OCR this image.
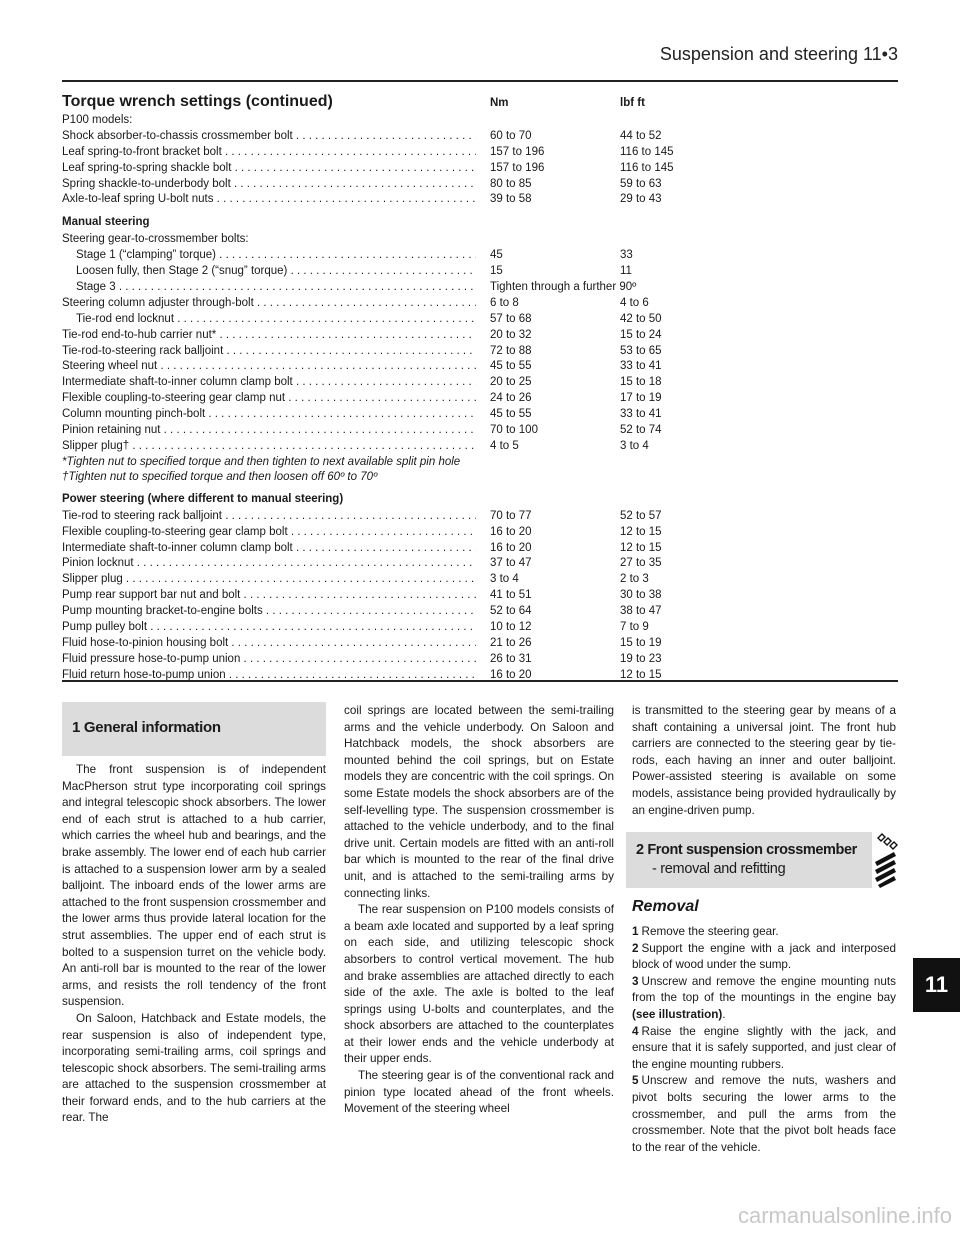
Suspension and steering 11•3
Torque wrench settings (continued)	Nm	lbf ft
P100 models:
Shock absorber-to-chassis crossmember bolt . . .	60 to 70	44 to 52
Leaf spring-to-front bracket bolt . . .	157 to 196	116 to 145
Leaf spring-to-spring shackle bolt . . .	157 to 196	116 to 145
Spring shackle-to-underbody bolt . . .	80 to 85	59 to 63
Axle-to-leaf spring U-bolt nuts . . .	39 to 58	29 to 43
Manual steering
Steering gear-to-crossmember bolts:
Stage 1 (“clamping” torque) . . .	45	33
Loosen fully, then Stage 2 (“snug” torque) . . .	15	11
Stage 3 . . .	Tighten through a further 90º
Steering column adjuster through-bolt . . .	6 to 8	4 to 6
Tie-rod end locknut . . .	57 to 68	42 to 50
Tie-rod end-to-hub carrier nut* . . .	20 to 32	15 to 24
Tie-rod-to-steering rack balljoint . . .	72 to 88	53 to 65
Steering wheel nut . . .	45 to 55	33 to 41
Intermediate shaft-to-inner column clamp bolt . . .	20 to 25	15 to 18
Flexible coupling-to-steering gear clamp nut . . .	24 to 26	17 to 19
Column mounting pinch-bolt . . .	45 to 55	33 to 41
Pinion retaining nut . . .	70 to 100	52 to 74
Slipper plug† . . .	4 to 5	3 to 4
*Tighten nut to specified torque and then tighten to next available split pin hole
†Tighten nut to specified torque and then loosen off 60º to 70º
Power steering (where different to manual steering)
Tie-rod to steering rack balljoint . . .	70 to 77	52 to 57
Flexible coupling-to-steering gear clamp bolt . . .	16 to 20	12 to 15
Intermediate shaft-to-inner column clamp bolt . . .	16 to 20	12 to 15
Pinion locknut . . .	37 to 47	27 to 35
Slipper plug . . .	3 to 4	2 to 3
Pump rear support bar nut and bolt . . .	41 to 51	30 to 38
Pump mounting bracket-to-engine bolts . . .	52 to 64	38 to 47
Pump pulley bolt . . .	10 to 12	7 to 9
Fluid hose-to-pinion housing bolt . . .	21 to 26	15 to 19
Fluid pressure hose-to-pump union . . .	26 to 31	19 to 23
Fluid return hose-to-pump union . . .	16 to 20	12 to 15
1 General information

The front suspension is of independent MacPherson strut type incorporating coil springs and integral telescopic shock absorbers. The lower end of each strut is attached to a hub carrier, which carries the wheel hub and bearings, and the brake assembly. The lower end of each hub carrier is attached to a suspension lower arm by a sealed balljoint. The inboard ends of the lower arms are attached to the front suspension crossmember and the lower arms thus provide lateral location for the strut assemblies. The upper end of each strut is bolted to a suspension turret on the vehicle body. An anti-roll bar is mounted to the rear of the lower arms, and resists the roll tendency of the front suspension.

On Saloon, Hatchback and Estate models, the rear suspension is also of independent type, incorporating semi-trailing arms, coil springs and telescopic shock absorbers. The semi-trailing arms are attached to the suspension crossmember at their forward ends, and to the hub carriers at the rear. The

coil springs are located between the semi-trailing arms and the vehicle underbody. On Saloon and Hatchback models, the shock absorbers are mounted behind the coil springs, but on Estate models they are concentric with the coil springs. On some Estate models the shock absorbers are of the self-levelling type. The suspension crossmember is attached to the vehicle underbody, and to the final drive unit. Certain models are fitted with an anti-roll bar which is mounted to the rear of the final drive unit, and is attached to the semi-trailing arms by connecting links.

The rear suspension on P100 models consists of a beam axle located and supported by a leaf spring on each side, and utilizing telescopic shock absorbers to control vertical movement. The hub and brake assemblies are attached directly to each side of the axle. The axle is bolted to the leaf springs using U-bolts and counterplates, and the shock absorbers are attached to the counterplates at their lower ends and the vehicle underbody at their upper ends.

The steering gear is of the conventional rack and pinion type located ahead of the front wheels. Movement of the steering wheel

is transmitted to the steering gear by means of a shaft containing a universal joint. The front hub carriers are connected to the steering gear by tie-rods, each having an inner and outer balljoint. Power-assisted steering is available on some models, assistance being provided hydraulically by an engine-driven pump.

2 Front suspension crossmember
- removal and refitting
Removal

1 Remove the steering gear.

2 Support the engine with a jack and interposed block of wood under the sump.

3 Unscrew and remove the engine mounting nuts from the top of the mountings in the engine bay (see illustration).

4 Raise the engine slightly with the jack, and ensure that it is safely supported, and just clear of the engine mounting rubbers.

5 Unscrew and remove the nuts, washers and pivot bolts securing the lower arms to the crossmember, and pull the arms from the crossmember. Note that the pivot bolt heads face to the rear of the vehicle.

11
carmanualsonline.info
